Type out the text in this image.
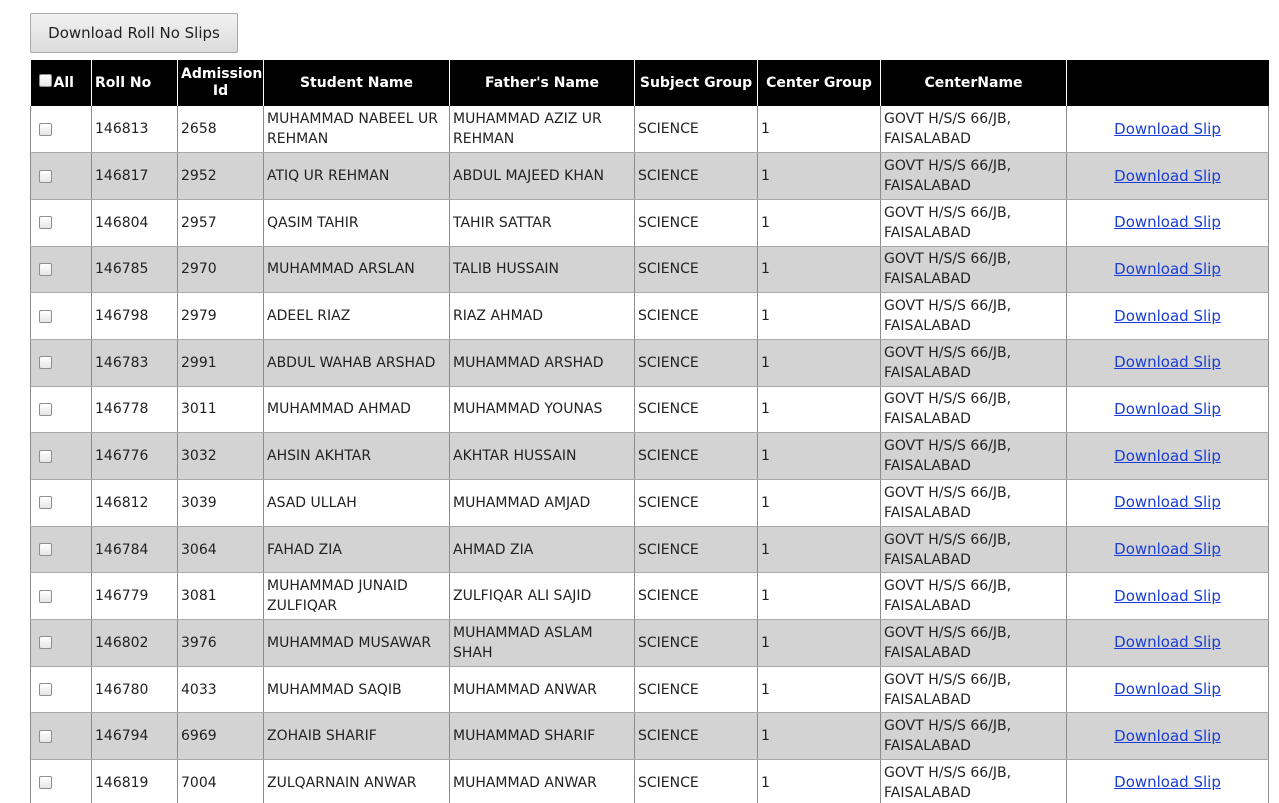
Download Roll No Slips
All	Roll No	Admission Id	Student Name	Father's Name	Subject Group	Center Group	CenterName	
	146813	2658	MUHAMMAD NABEEL UR REHMAN	MUHAMMAD AZIZ UR REHMAN	SCIENCE	1	GOVT H/S/S 66/JB, FAISALABAD	Download Slip
	146817	2952	ATIQ UR REHMAN	ABDUL MAJEED KHAN	SCIENCE	1	GOVT H/S/S 66/JB, FAISALABAD	Download Slip
	146804	2957	QASIM TAHIR	TAHIR SATTAR	SCIENCE	1	GOVT H/S/S 66/JB, FAISALABAD	Download Slip
	146785	2970	MUHAMMAD ARSLAN	TALIB HUSSAIN	SCIENCE	1	GOVT H/S/S 66/JB, FAISALABAD	Download Slip
	146798	2979	ADEEL RIAZ	RIAZ AHMAD	SCIENCE	1	GOVT H/S/S 66/JB, FAISALABAD	Download Slip
	146783	2991	ABDUL WAHAB ARSHAD	MUHAMMAD ARSHAD	SCIENCE	1	GOVT H/S/S 66/JB, FAISALABAD	Download Slip
	146778	3011	MUHAMMAD AHMAD	MUHAMMAD YOUNAS	SCIENCE	1	GOVT H/S/S 66/JB, FAISALABAD	Download Slip
	146776	3032	AHSIN AKHTAR	AKHTAR HUSSAIN	SCIENCE	1	GOVT H/S/S 66/JB, FAISALABAD	Download Slip
	146812	3039	ASAD ULLAH	MUHAMMAD AMJAD	SCIENCE	1	GOVT H/S/S 66/JB, FAISALABAD	Download Slip
	146784	3064	FAHAD ZIA	AHMAD ZIA	SCIENCE	1	GOVT H/S/S 66/JB, FAISALABAD	Download Slip
	146779	3081	MUHAMMAD JUNAID ZULFIQAR	ZULFIQAR ALI SAJID	SCIENCE	1	GOVT H/S/S 66/JB, FAISALABAD	Download Slip
	146802	3976	MUHAMMAD MUSAWAR	MUHAMMAD ASLAM SHAH	SCIENCE	1	GOVT H/S/S 66/JB, FAISALABAD	Download Slip
	146780	4033	MUHAMMAD SAQIB	MUHAMMAD ANWAR	SCIENCE	1	GOVT H/S/S 66/JB, FAISALABAD	Download Slip
	146794	6969	ZOHAIB SHARIF	MUHAMMAD SHARIF	SCIENCE	1	GOVT H/S/S 66/JB, FAISALABAD	Download Slip
	146819	7004	ZULQARNAIN ANWAR	MUHAMMAD ANWAR	SCIENCE	1	GOVT H/S/S 66/JB, FAISALABAD	Download Slip
